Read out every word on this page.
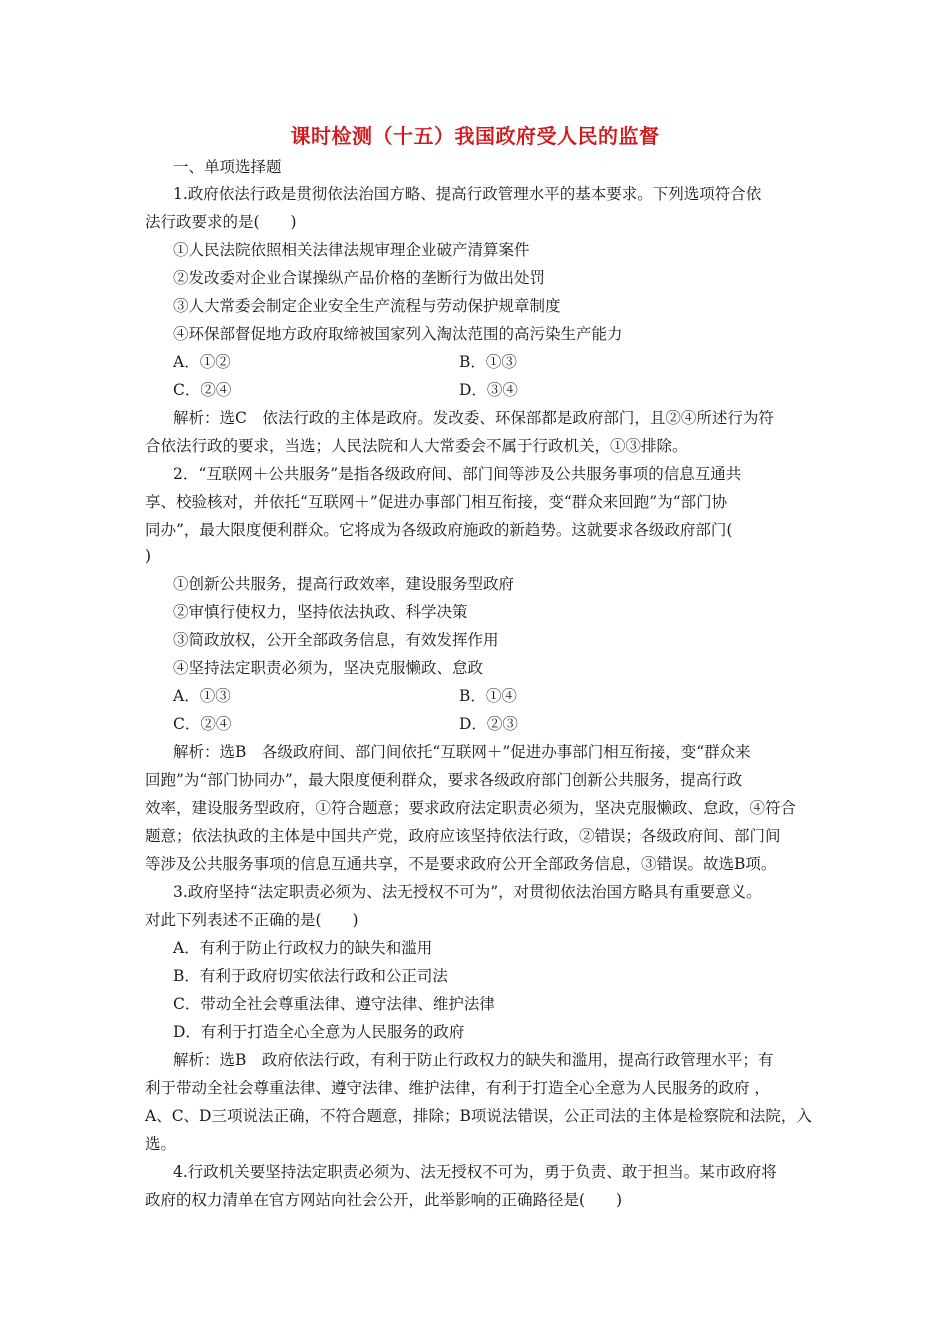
课时检测（十五）我国政府受人民的监督
一、单项选择题
1.政府依法行政是贯彻依法治国方略、提高行政管理水平的基本要求。下列选项符合依
法行政要求的是(　　)
①人民法院依照相关法律法规审理企业破产清算案件
②发改委对企业合谋操纵产品价格的垄断行为做出处罚
③人大常委会制定企业安全生产流程与劳动保护规章制度
④环保部督促地方政府取缔被国家列入淘汰范围的高污染生产能力
A．①②	B．①③
C．②④	D．③④
解析：选C　依法行政的主体是政府。发改委、环保部都是政府部门，且②④所述行为符
合依法行政的要求，当选；人民法院和人大常委会不属于行政机关，①③排除。
2．“互联网＋公共服务”是指各级政府间、部门间等涉及公共服务事项的信息互通共
享、校验核对，并依托“互联网＋”促进办事部门相互衔接，变“群众来回跑”为“部门协
同办”，最大限度便利群众。它将成为各级政府施政的新趋势。这就要求各级政府部门(
)
①创新公共服务，提高行政效率，建设服务型政府
②审慎行使权力，坚持依法执政、科学决策
③简政放权，公开全部政务信息，有效发挥作用
④坚持法定职责必须为，坚决克服懒政、怠政
A．①③	B．①④
C．②④	D．②③
解析：选B　各级政府间、部门间依托“互联网＋”促进办事部门相互衔接，变“群众来
回跑”为“部门协同办”，最大限度便利群众，要求各级政府部门创新公共服务，提高行政
效率，建设服务型政府，①符合题意；要求政府法定职责必须为，坚决克服懒政、怠政，④符合
题意；依法执政的主体是中国共产党，政府应该坚持依法行政，②错误；各级政府间、部门间
等涉及公共服务事项的信息互通共享，不是要求政府公开全部政务信息，③错误。故选B项。
3.政府坚持“法定职责必须为、法无授权不可为”，对贯彻依法治国方略具有重要意义。
对此下列表述不正确的是(　　)
A．有利于防止行政权力的缺失和滥用
B．有利于政府切实依法行政和公正司法
C．带动全社会尊重法律、遵守法律、维护法律
D．有利于打造全心全意为人民服务的政府
解析：选B　政府依法行政，有利于防止行政权力的缺失和滥用，提高行政管理水平；有
利于带动全社会尊重法律、遵守法律、维护法律，有利于打造全心全意为人民服务的政府 ，
A、C、D三项说法正确，不符合题意，排除；B项说法错误，公正司法的主体是检察院和法院，入
选。
4.行政机关要坚持法定职责必须为、法无授权不可为，勇于负责、敢于担当。某市政府将
政府的权力清单在官方网站向社会公开，此举影响的正确路径是(　　)
